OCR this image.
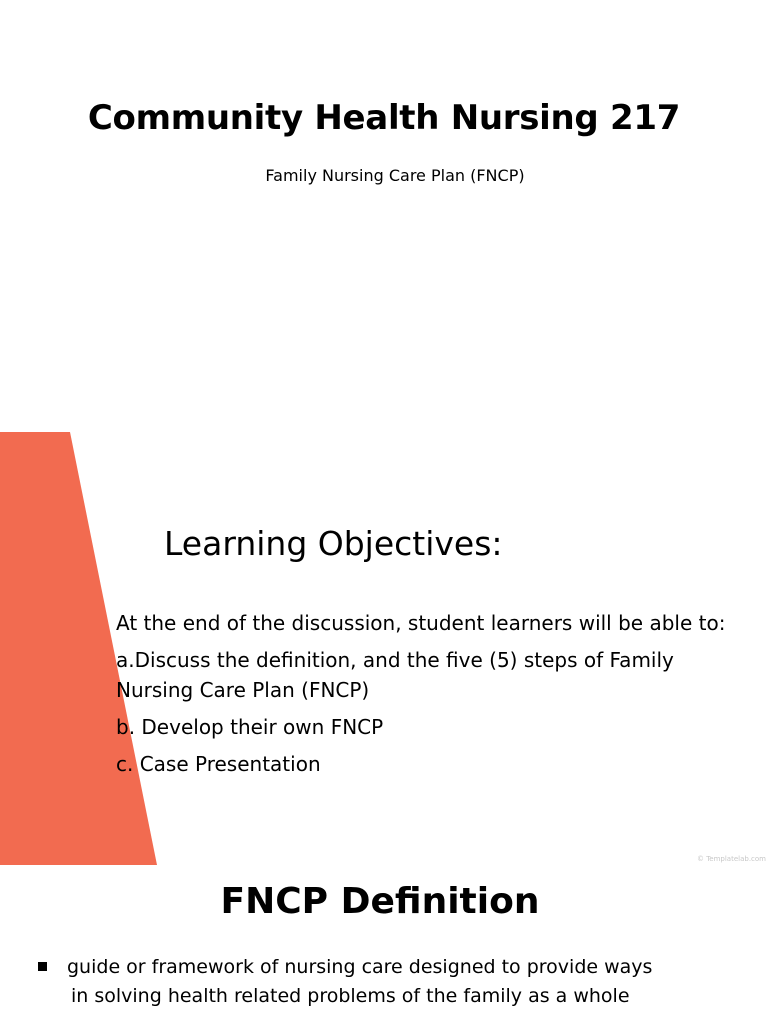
Community Health Nursing 217
Family Nursing Care Plan (FNCP)
Learning Objectives:

At the end of the discussion, student learners will be able to:

a.Discuss the definition, and the five (5) steps of Family Nursing Care Plan (FNCP)

b. Develop their own FNCP

c. Case Presentation

© Templatelab.com
FNCP Definition
guide or framework of nursing care designed to provide ways
in solving health related problems of the family as a whole
